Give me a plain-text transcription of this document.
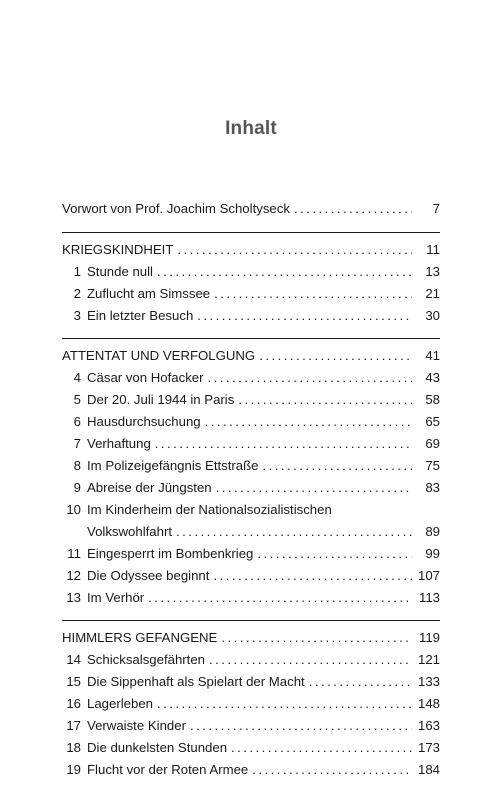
Inhalt
Vorwort von Prof. Joachim Scholtyseck . . .	7
KRIEGSKINDHEIT . . .	11
1 Stunde null . . .	13
2 Zuflucht am Simssee . . .	21
3 Ein letzter Besuch . . .	30
ATTENTAT UND VERFOLGUNG . . .	41
4 Cäsar von Hofacker . . .	43
5 Der 20. Juli 1944 in Paris . . .	58
6 Hausdurchsuchung . . .	65
7 Verhaftung . . .	69
8 Im Polizeigefängnis Ettstraße . . .	75
9 Abreise der Jüngsten . . .	83
10 Im Kinderheim der Nationalsozialistischen
Volkswohlfahrt . . .	89
11 Eingesperrt im Bombenkrieg . . .	99
12 Die Odyssee beginnt . . .	107
13 Im Verhör . . .	113
HIMMLERS GEFANGENE . . .	119
14 Schicksalsgefährten . . .	121
15 Die Sippenhaft als Spielart der Macht . . .	133
16 Lagerleben . . .	148
17 Verwaiste Kinder . . .	163
18 Die dunkelsten Stunden . . .	173
19 Flucht vor der Roten Armee . . .	184
